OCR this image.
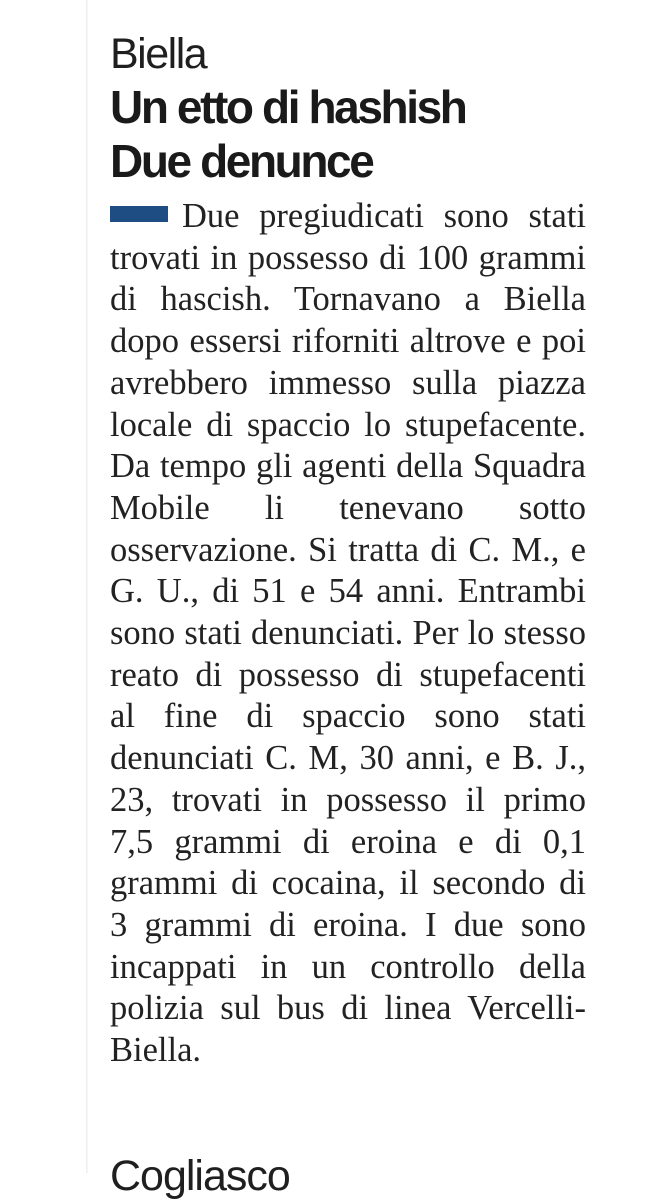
Biella
Un etto di hashish
Due denunce

Due pregiudicati sono stati trovati in possesso di 100 grammi di hascish. Tornavano a Biella dopo essersi riforniti altrove e poi avrebbero immesso sulla piazza locale di spaccio lo stupefacente. Da tempo gli agenti della Squadra Mobile li tenevano sotto osservazione. Si tratta di C. M., e G. U., di 51 e 54 anni. Entrambi sono stati denunciati. Per lo stesso reato di possesso di stupefacenti al fine di spaccio sono stati denunciati C. M, 30 anni, e B. J., 23, trovati in possesso il primo 7,5 grammi di eroina e di 0,1 grammi di cocaina, il secondo di 3 grammi di eroina. I due sono incappati in un controllo della polizia sul bus di linea Vercelli-Biella.

Cogliasco
